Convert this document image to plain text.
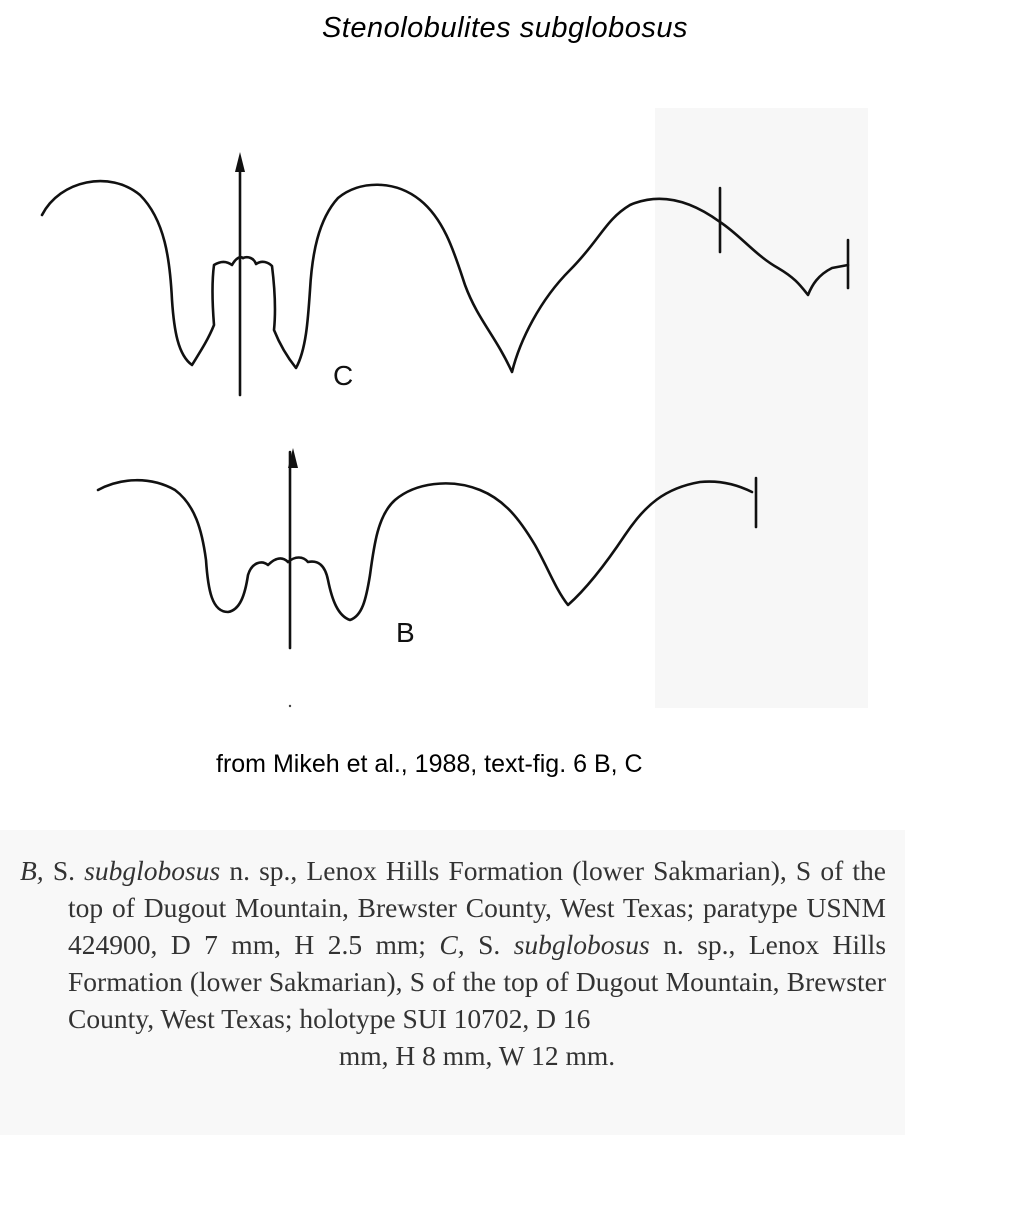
Stenolobulites subglobosus
C
B
from Mikeh et al., 1988, text-fig. 6 B, C

B, S. subglobosus n. sp., Lenox Hills Formation (lower Sakmarian), S of the top of Dugout Mountain, Brewster County, West Texas; paratype USNM 424900, D 7 mm, H 2.5 mm; C, S. subglobosus n. sp., Lenox Hills Formation (lower Sakmarian), S of the top of Dugout Mountain, Brewster County, West Texas; holotype SUI 10702, D 16

mm, H 8 mm, W 12 mm.
